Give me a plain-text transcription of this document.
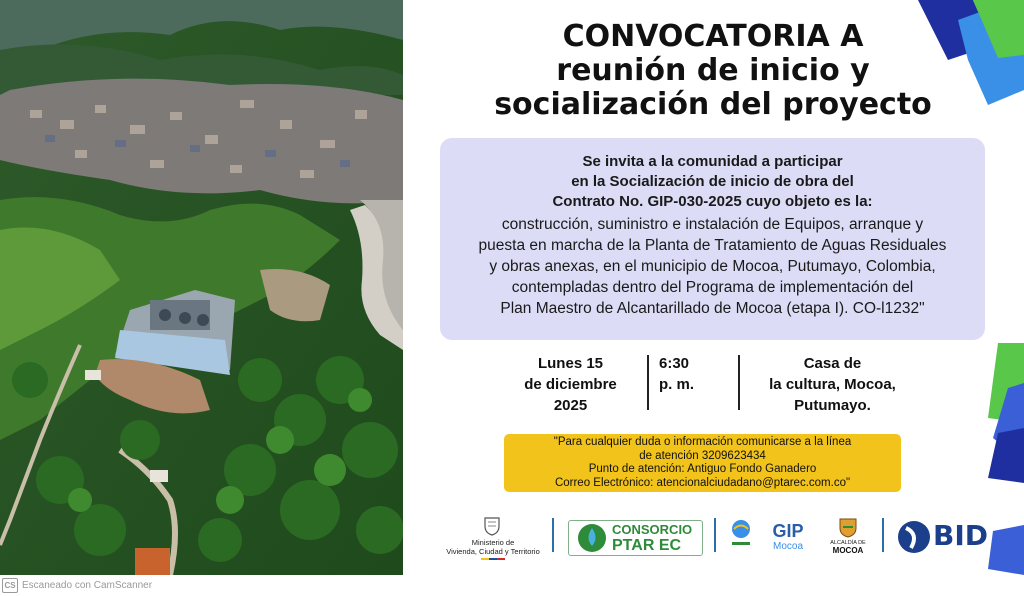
CONVOCATORIA A
reunión de inicio y
socialización del proyecto
Se invita a la comunidad a participar
en la Socialización de inicio de obra del
Contrato No. GIP-030-2025 cuyo objeto es la:
construcción, suministro e instalación de Equipos, arranque y
puesta en marcha de la Planta de Tratamiento de Aguas Residuales
y obras anexas, en el municipio de Mocoa, Putumayo, Colombia,
contempladas dentro del Programa de implementación del
Plan Maestro de Alcantarillado de Mocoa (etapa I). CO-l1232"
Lunes 15
de diciembre
2025
6:30
p. m.
Casa de
la cultura, Mocoa,
Putumayo.
"Para cualquier duda o información comunicarse a la línea
de atención 3209623434
Punto de atención: Antiguo Fondo Ganadero
Correo Electrónico: atencionalciudadano@ptarec.com.co"
Ministerio de
Vivienda, Ciudad y Territorio
CONSORCIO
PTAR EC
GIP
Mocoa	ALCALDÍA DE
MOCOA	BID
CS Escaneado con CamScanner
